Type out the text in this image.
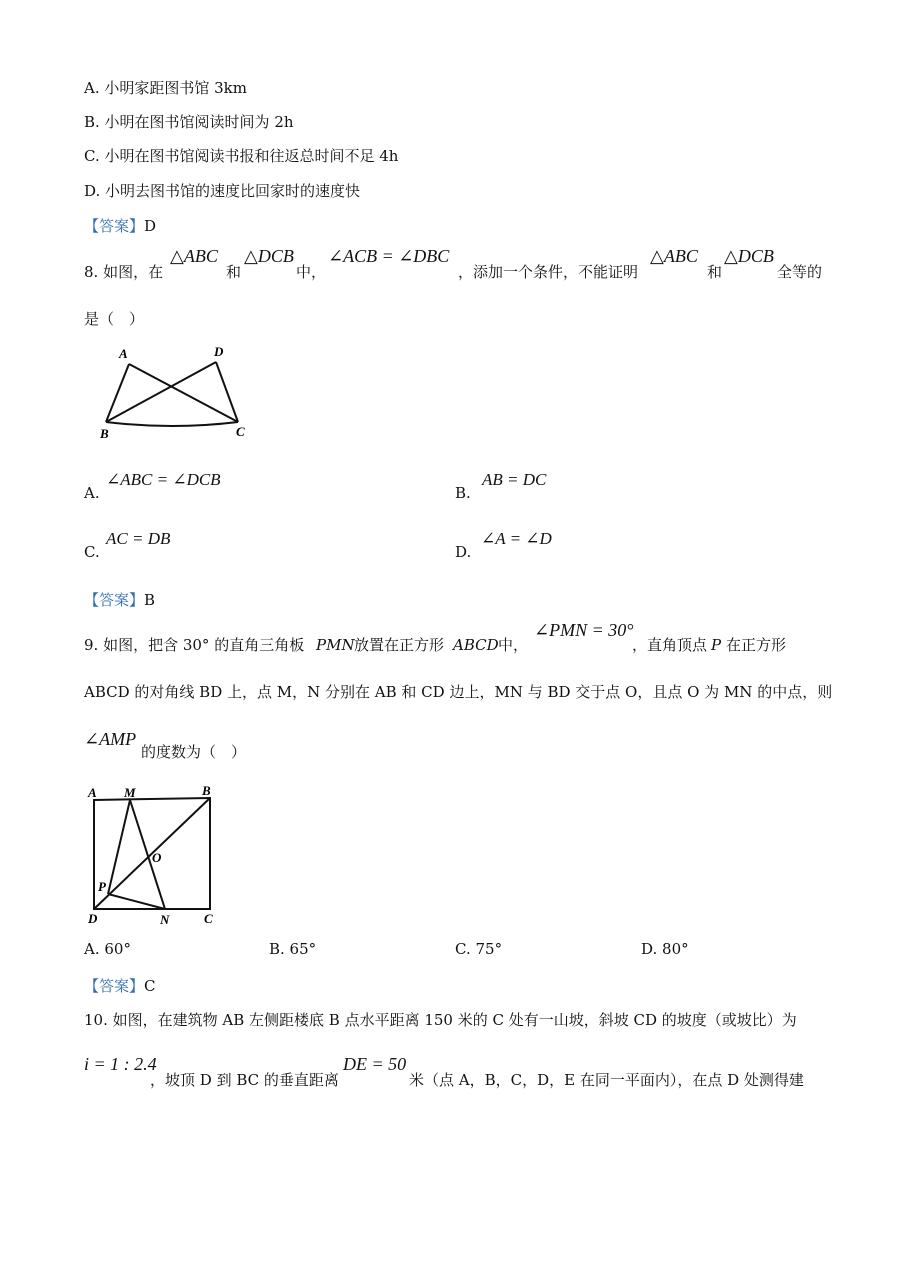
A. 小明家距图书馆 3km
B. 小明在图书馆阅读时间为 2h
C. 小明在图书馆阅读书报和往返总时间不足 4h
D. 小明去图书馆的速度比回家时的速度快
【答案】D
8. 如图，在
△ABC
和
△DCB
中，
∠ACB = ∠DBC
，添加一个条件，不能证明
△ABC
和
△DCB
全等的
是（　）
A	D
B	C
A.
∠ABC = ∠DCB
B.
AB = DC
C.
AC = DB
D.
∠A = ∠D
【答案】B
9. 如图，把含 30° 的直角三角板 PMN 放置在正方形 ABCD 中，
∠PMN = 30°
，直角顶点 P 在正方形
ABCD 的对角线 BD 上，点 M，N 分别在 AB 和 CD 边上，MN 与 BD 交于点 O，且点 O 为 MN 的中点，则
∠AMP
的度数为（　）
A M	B
O
P
D	N	C
A. 60°	B. 65°	C. 75°	D. 80°
【答案】C
10. 如图，在建筑物 AB 左侧距楼底 B 点水平距离 150 米的 C 处有一山坡，斜坡 CD 的坡度（或坡比）为
i = 1 : 2.4
，坡顶 D 到 BC 的垂直距离
DE = 50
米（点 A，B，C，D，E 在同一平面内），在点 D 处测得建
